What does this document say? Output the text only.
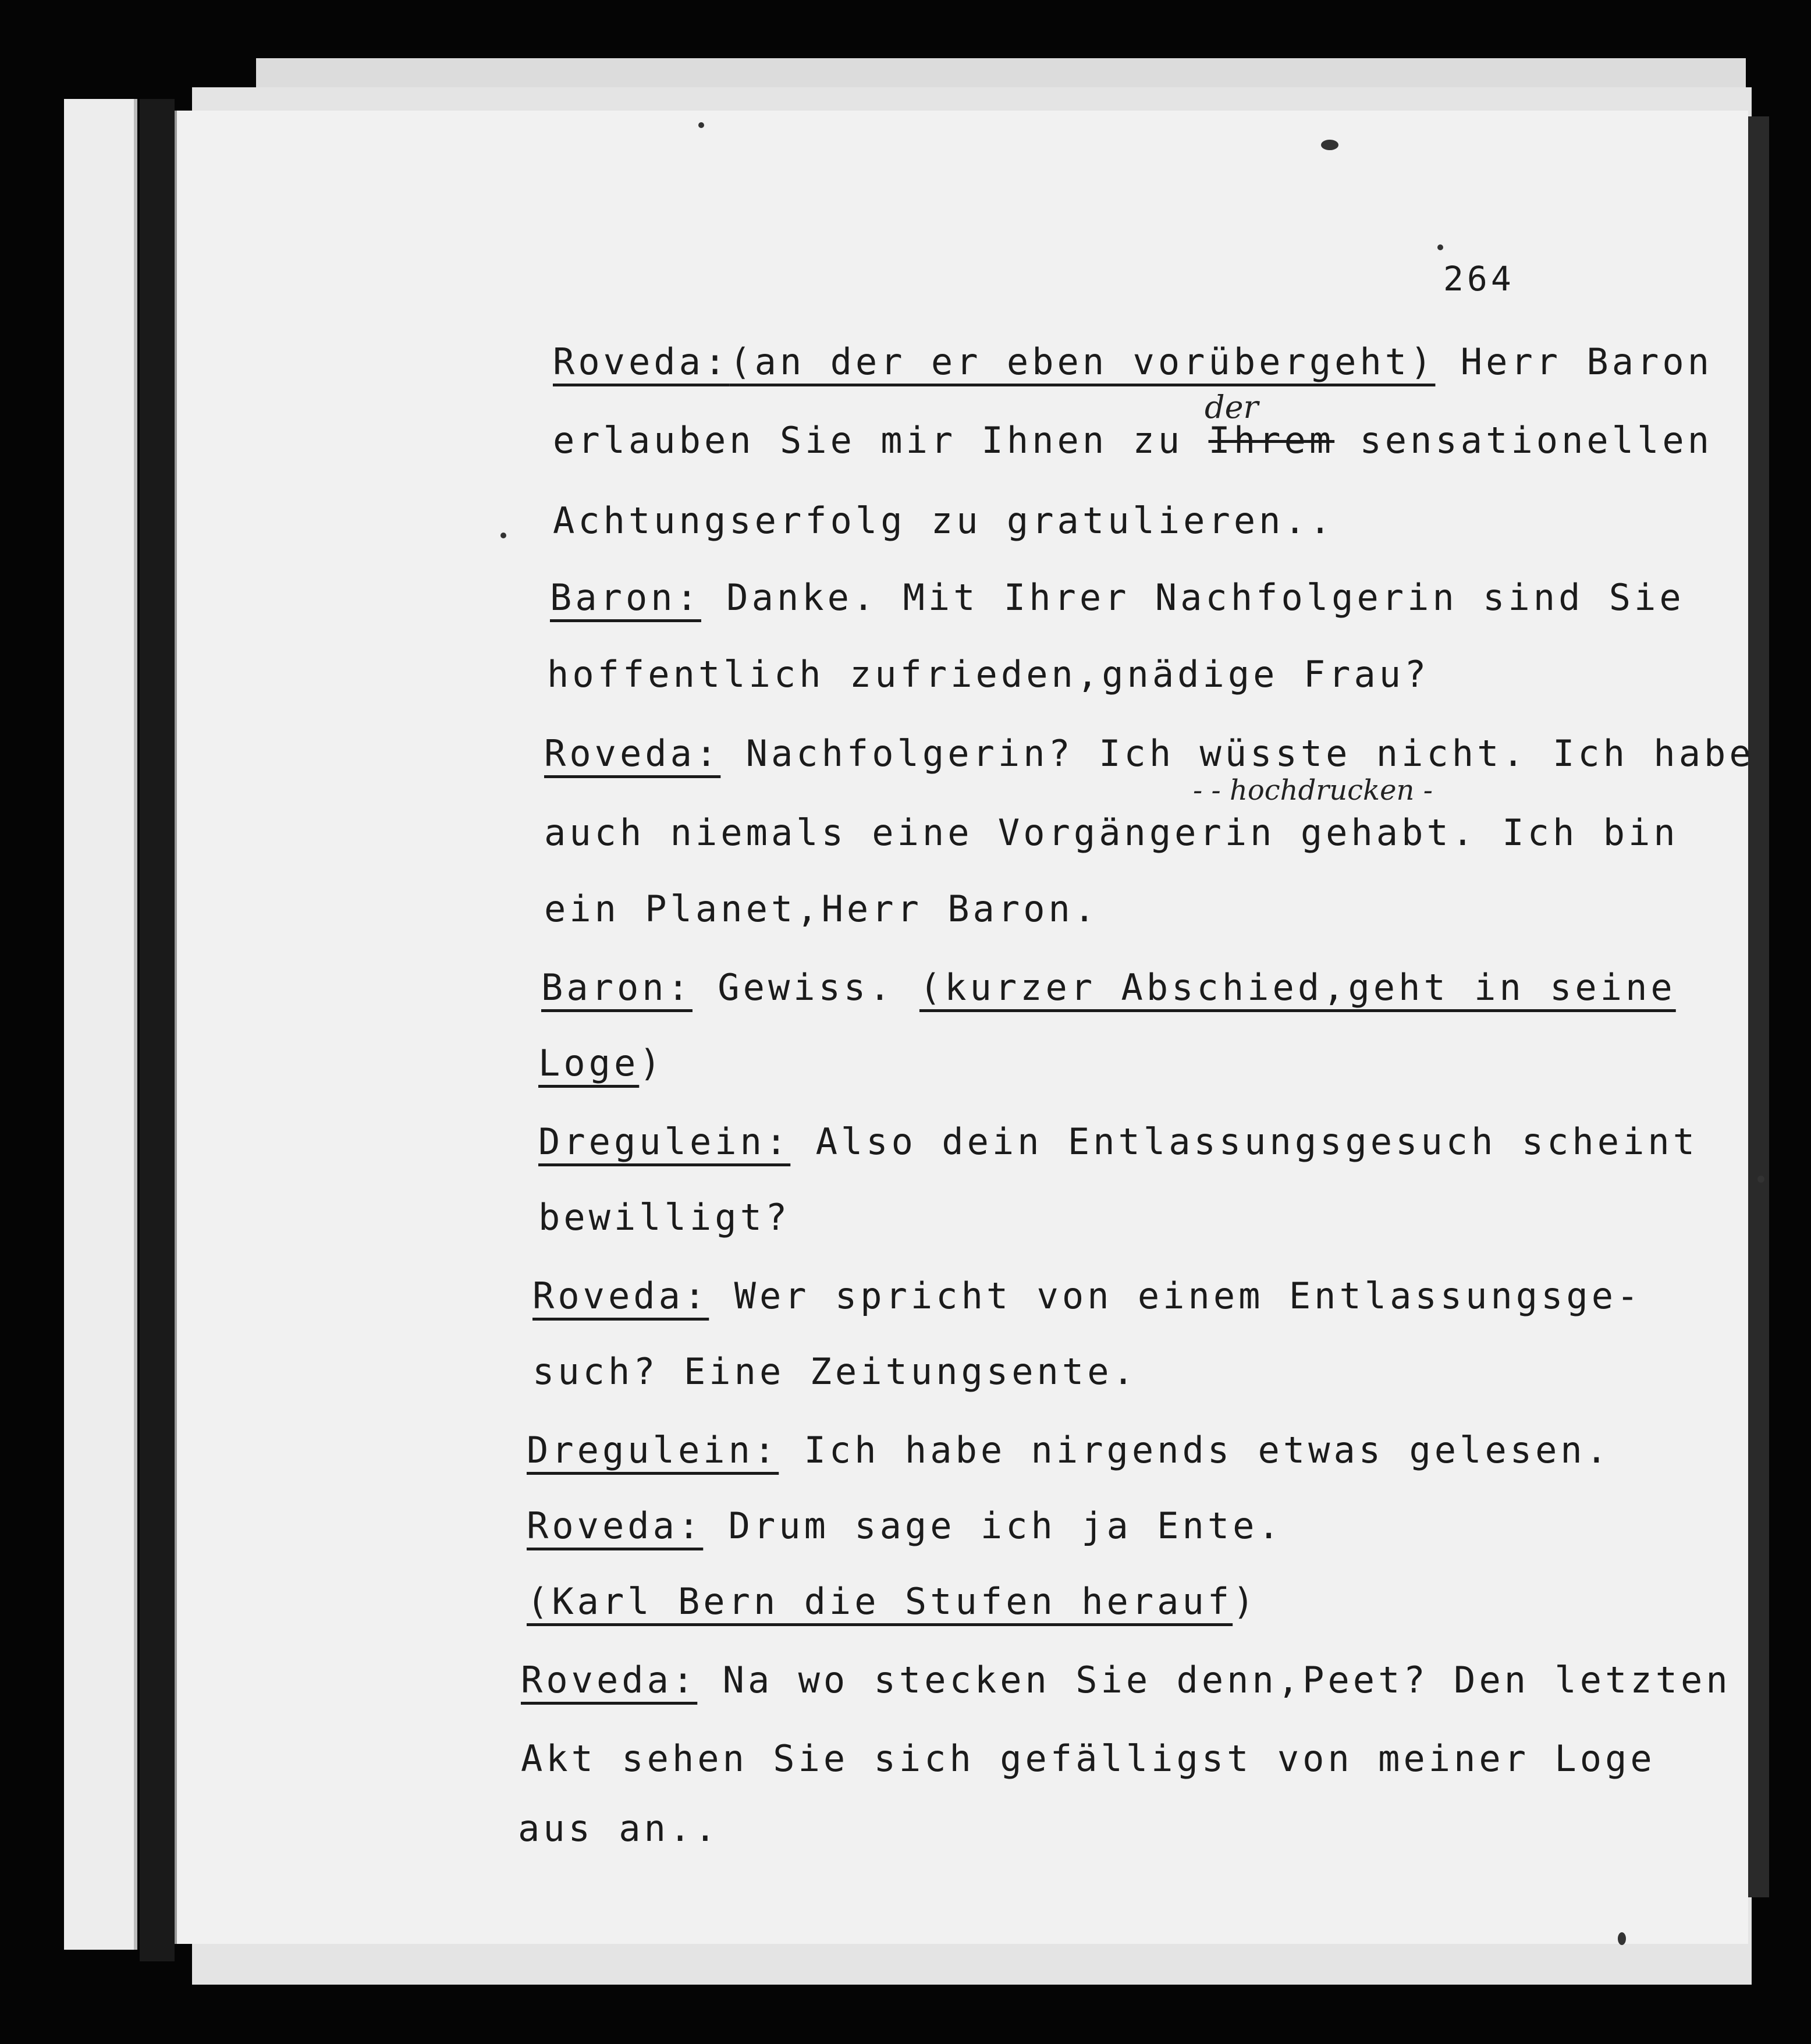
264
Roveda:(an der er eben vorübergeht) Herr Baron
der
erlauben Sie mir Ihnen zu Ihrem sensationellen
Achtungserfolg zu gratulieren..
Baron: Danke. Mit Ihrer Nachfolgerin sind Sie
hoffentlich zufrieden,gnädige Frau?
Roveda: Nachfolgerin? Ich wüsste nicht. Ich habe
- - hochdrucken -
auch niemals eine Vorgängerin gehabt. Ich bin
ein Planet,Herr Baron.
Baron: Gewiss. (kurzer Abschied,geht in seine
Loge)
Dregulein: Also dein Entlassungsgesuch scheint
bewilligt?
Roveda: Wer spricht von einem Entlassungsge-
such? Eine Zeitungsente.
Dregulein: Ich habe nirgends etwas gelesen.
Roveda: Drum sage ich ja Ente.
(Karl Bern die Stufen herauf)
Roveda: Na wo stecken Sie denn,Peet? Den letzten
Akt sehen Sie sich gefälligst von meiner Loge
aus an..
